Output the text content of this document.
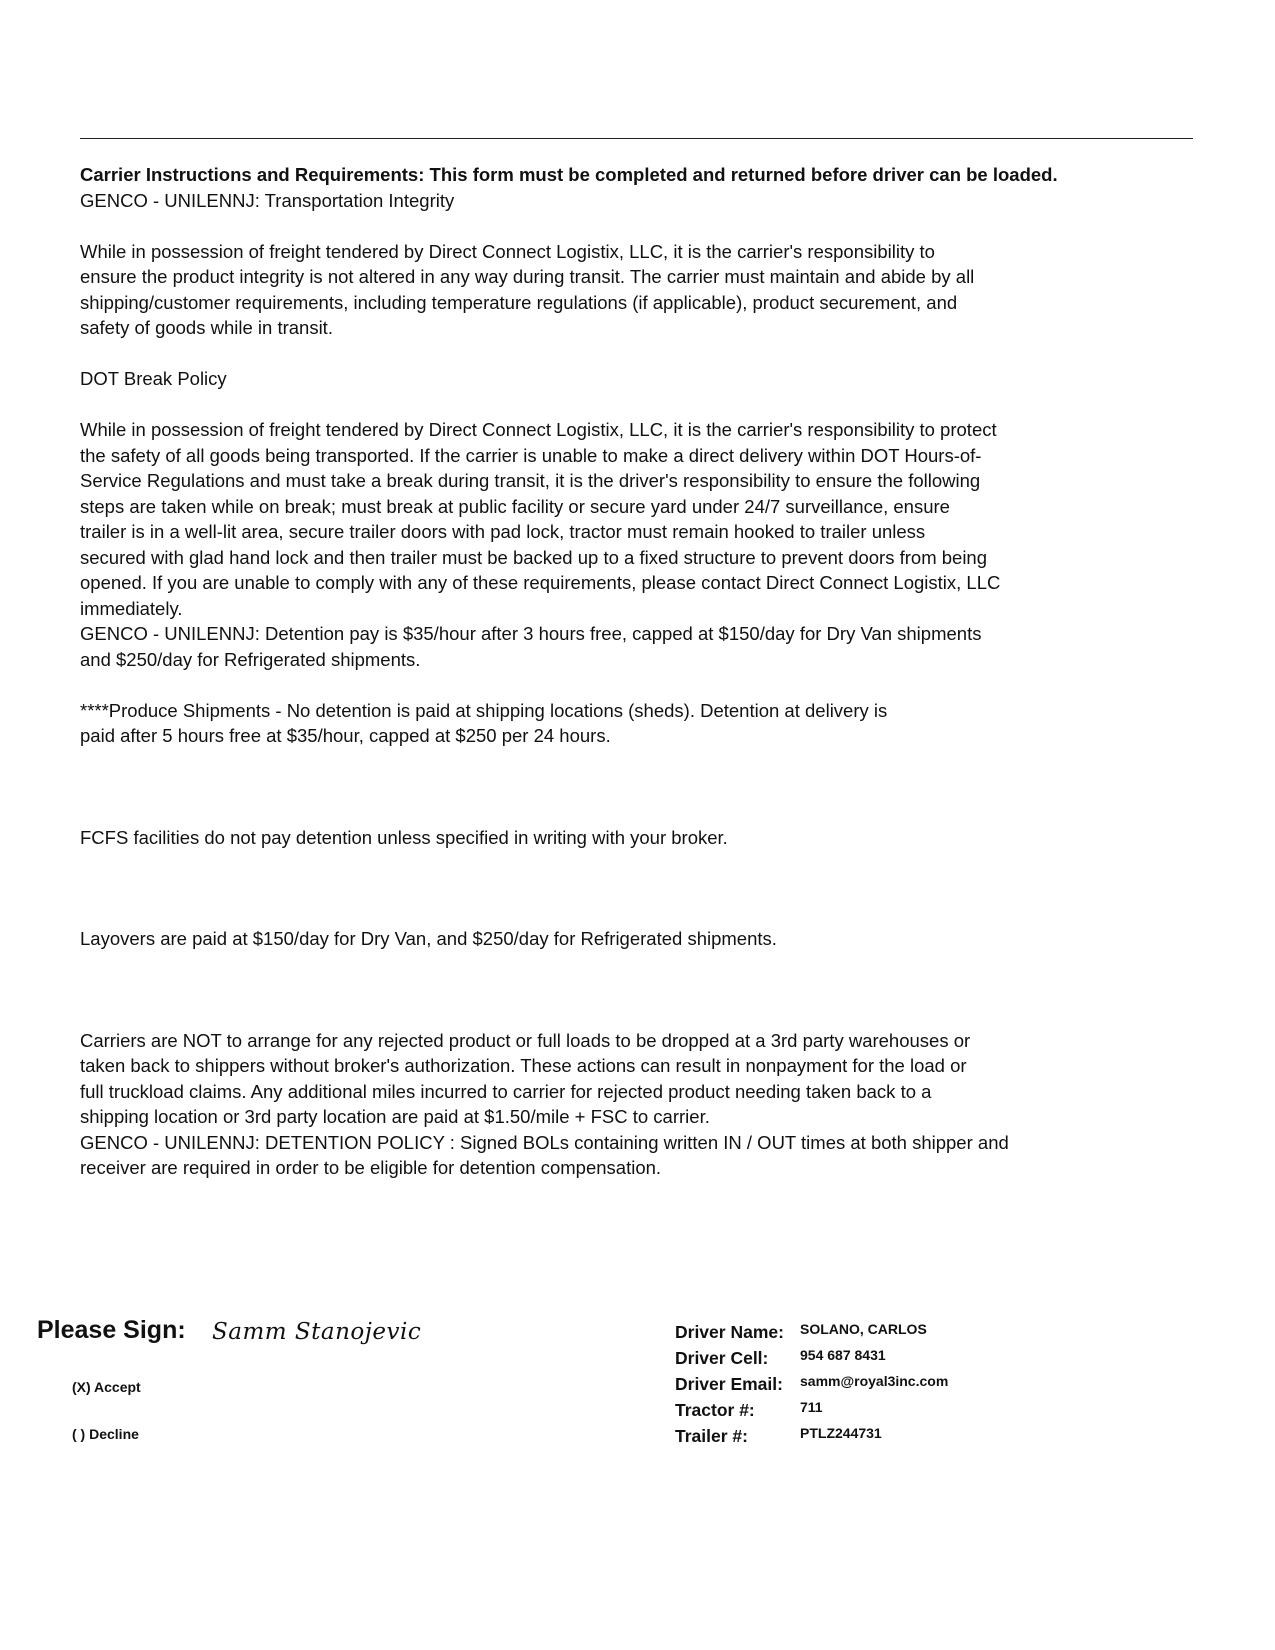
Carrier Instructions and Requirements: This form must be completed and returned before driver can be loaded.

GENCO - UNILENNJ: Transportation Integrity

While in possession of freight tendered by Direct Connect Logistix, LLC, it is the carrier's responsibility to

ensure the product integrity is not altered in any way during transit. The carrier must maintain and abide by all

shipping/customer requirements, including temperature regulations (if applicable), product securement, and

safety of goods while in transit.

DOT Break Policy

While in possession of freight tendered by Direct Connect Logistix, LLC, it is the carrier's responsibility to protect

the safety of all goods being transported. If the carrier is unable to make a direct delivery within DOT Hours-of-

Service Regulations and must take a break during transit, it is the driver's responsibility to ensure the following

steps are taken while on break; must break at public facility or secure yard under 24/7 surveillance, ensure

trailer is in a well-lit area, secure trailer doors with pad lock, tractor must remain hooked to trailer unless

secured with glad hand lock and then trailer must be backed up to a fixed structure to prevent doors from being

opened. If you are unable to comply with any of these requirements, please contact Direct Connect Logistix, LLC

immediately.

GENCO - UNILENNJ: Detention pay is $35/hour after 3 hours free, capped at $150/day for Dry Van shipments

and $250/day for Refrigerated shipments.

****Produce Shipments - No detention is paid at shipping locations (sheds). Detention at delivery is

paid after 5 hours free at $35/hour, capped at $250 per 24 hours.

FCFS facilities do not pay detention unless specified in writing with your broker.

Layovers are paid at $150/day for Dry Van, and $250/day for Refrigerated shipments.

Carriers are NOT to arrange for any rejected product or full loads to be dropped at a 3rd party warehouses or

taken back to shippers without broker's authorization. These actions can result in nonpayment for the load or

full truckload claims. Any additional miles incurred to carrier for rejected product needing taken back to a

shipping location or 3rd party location are paid at $1.50/mile + FSC to carrier.

GENCO - UNILENNJ: DETENTION POLICY : Signed BOLs containing written IN / OUT times at both shipper and

receiver are required in order to be eligible for detention compensation.

Please Sign: Samm Stanojevic
(X) Accept
( ) Decline
Driver Name: SOLANO, CARLOS
Driver Cell: 954 687 8431
Driver Email: samm@royal3inc.com
Tractor #:	711
Trailer #:	PTLZ244731
